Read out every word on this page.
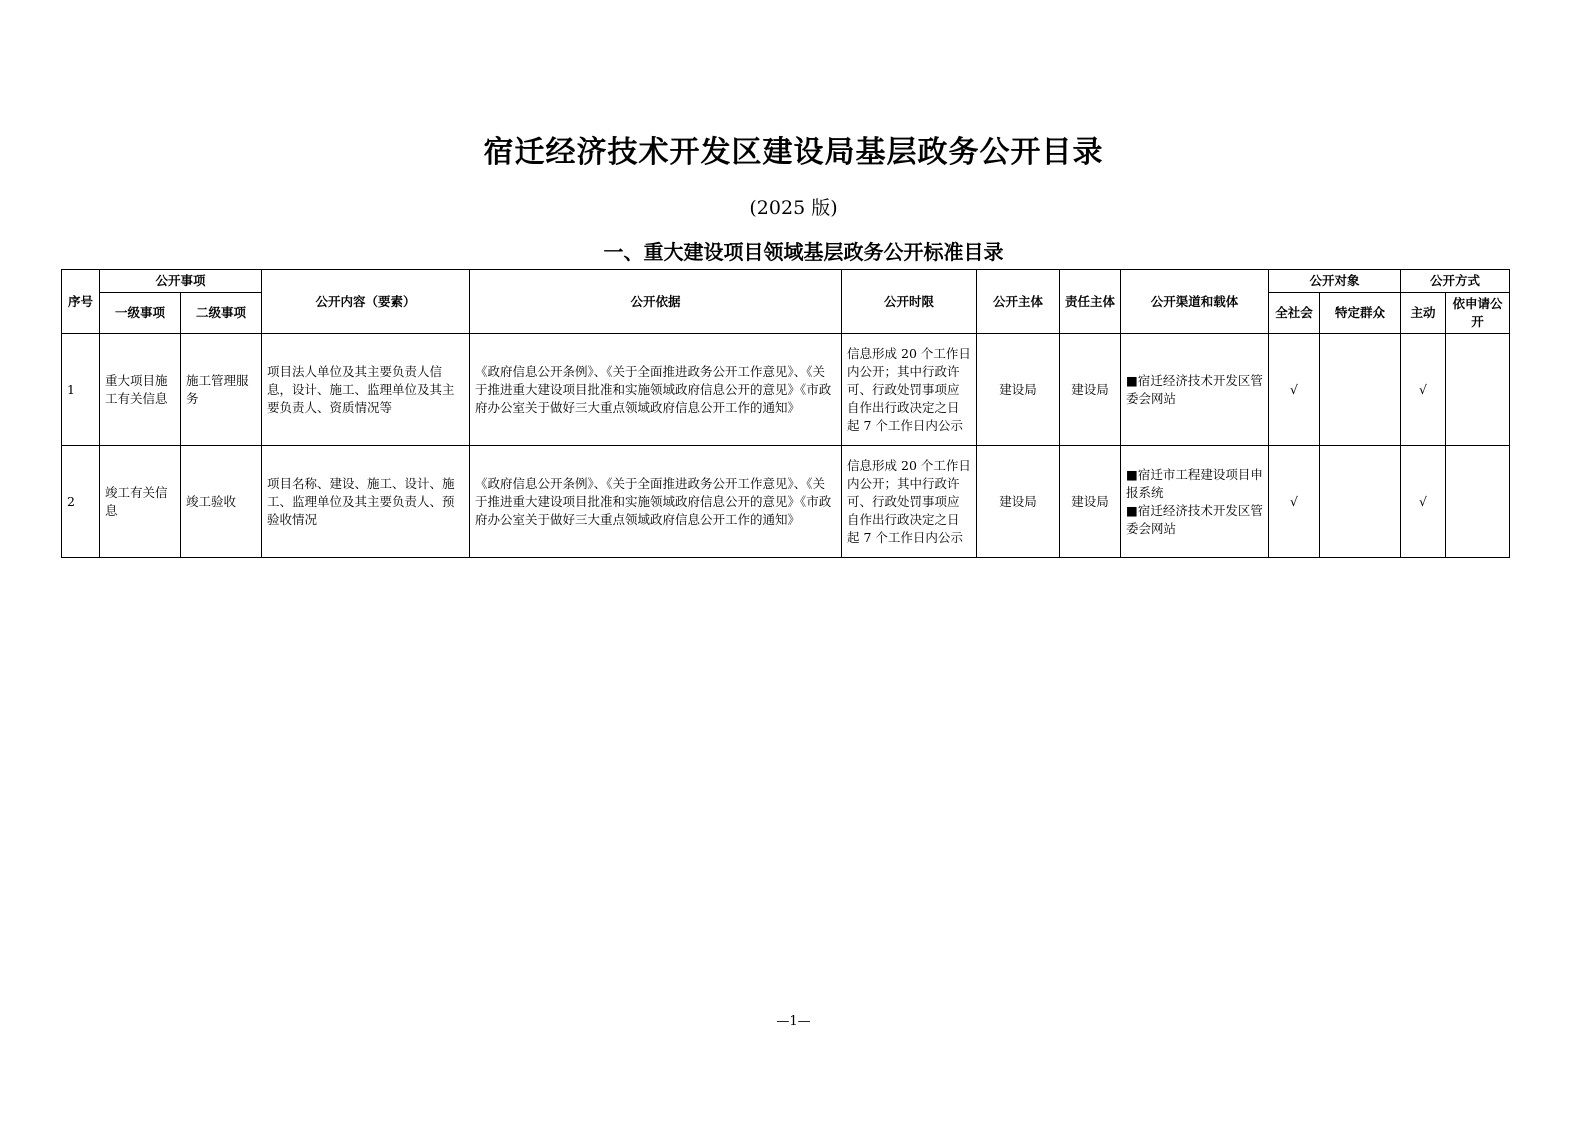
宿迁经济技术开发区建设局基层政务公开目录
(2025 版)
一、重大建设项目领域基层政务公开标准目录
序号	公开事项		公开内容（要素）	公开依据	公开时限	公开主体	责任主体	公开渠道和载体	公开对象		公开方式	
	一级事项	二级事项							全社会	特定群众	主动	依申请公开
1	重大项目施工有关信息	施工管理服务	项目法人单位及其主要负责人信息，设计、施工、监理单位及其主要负责人、资质情况等	《政府信息公开条例》、《关于全面推进政务公开工作意见》、《关于推进重大建设项目批准和实施领域政府信息公开的意见》《市政府办公室关于做好三大重点领域政府信息公开工作的通知》	信息形成 20 个工作日内公开；其中行政许可、行政处罚事项应自作出行政决定之日起 7 个工作日内公示	建设局	建设局	■宿迁经济技术开发区管委会网站	√		√	
2	竣工有关信息	竣工验收	项目名称、建设、施工、设计、施工、监理单位及其主要负责人、预验收情况	《政府信息公开条例》、《关于全面推进政务公开工作意见》、《关于推进重大建设项目批准和实施领域政府信息公开的意见》《市政府办公室关于做好三大重点领域政府信息公开工作的通知》	信息形成 20 个工作日内公开；其中行政许可、行政处罚事项应自作出行政决定之日起 7 个工作日内公示	建设局	建设局	■宿迁市工程建设项目申报系统
■宿迁经济技术开发区管委会网站	√		√	
—1—
